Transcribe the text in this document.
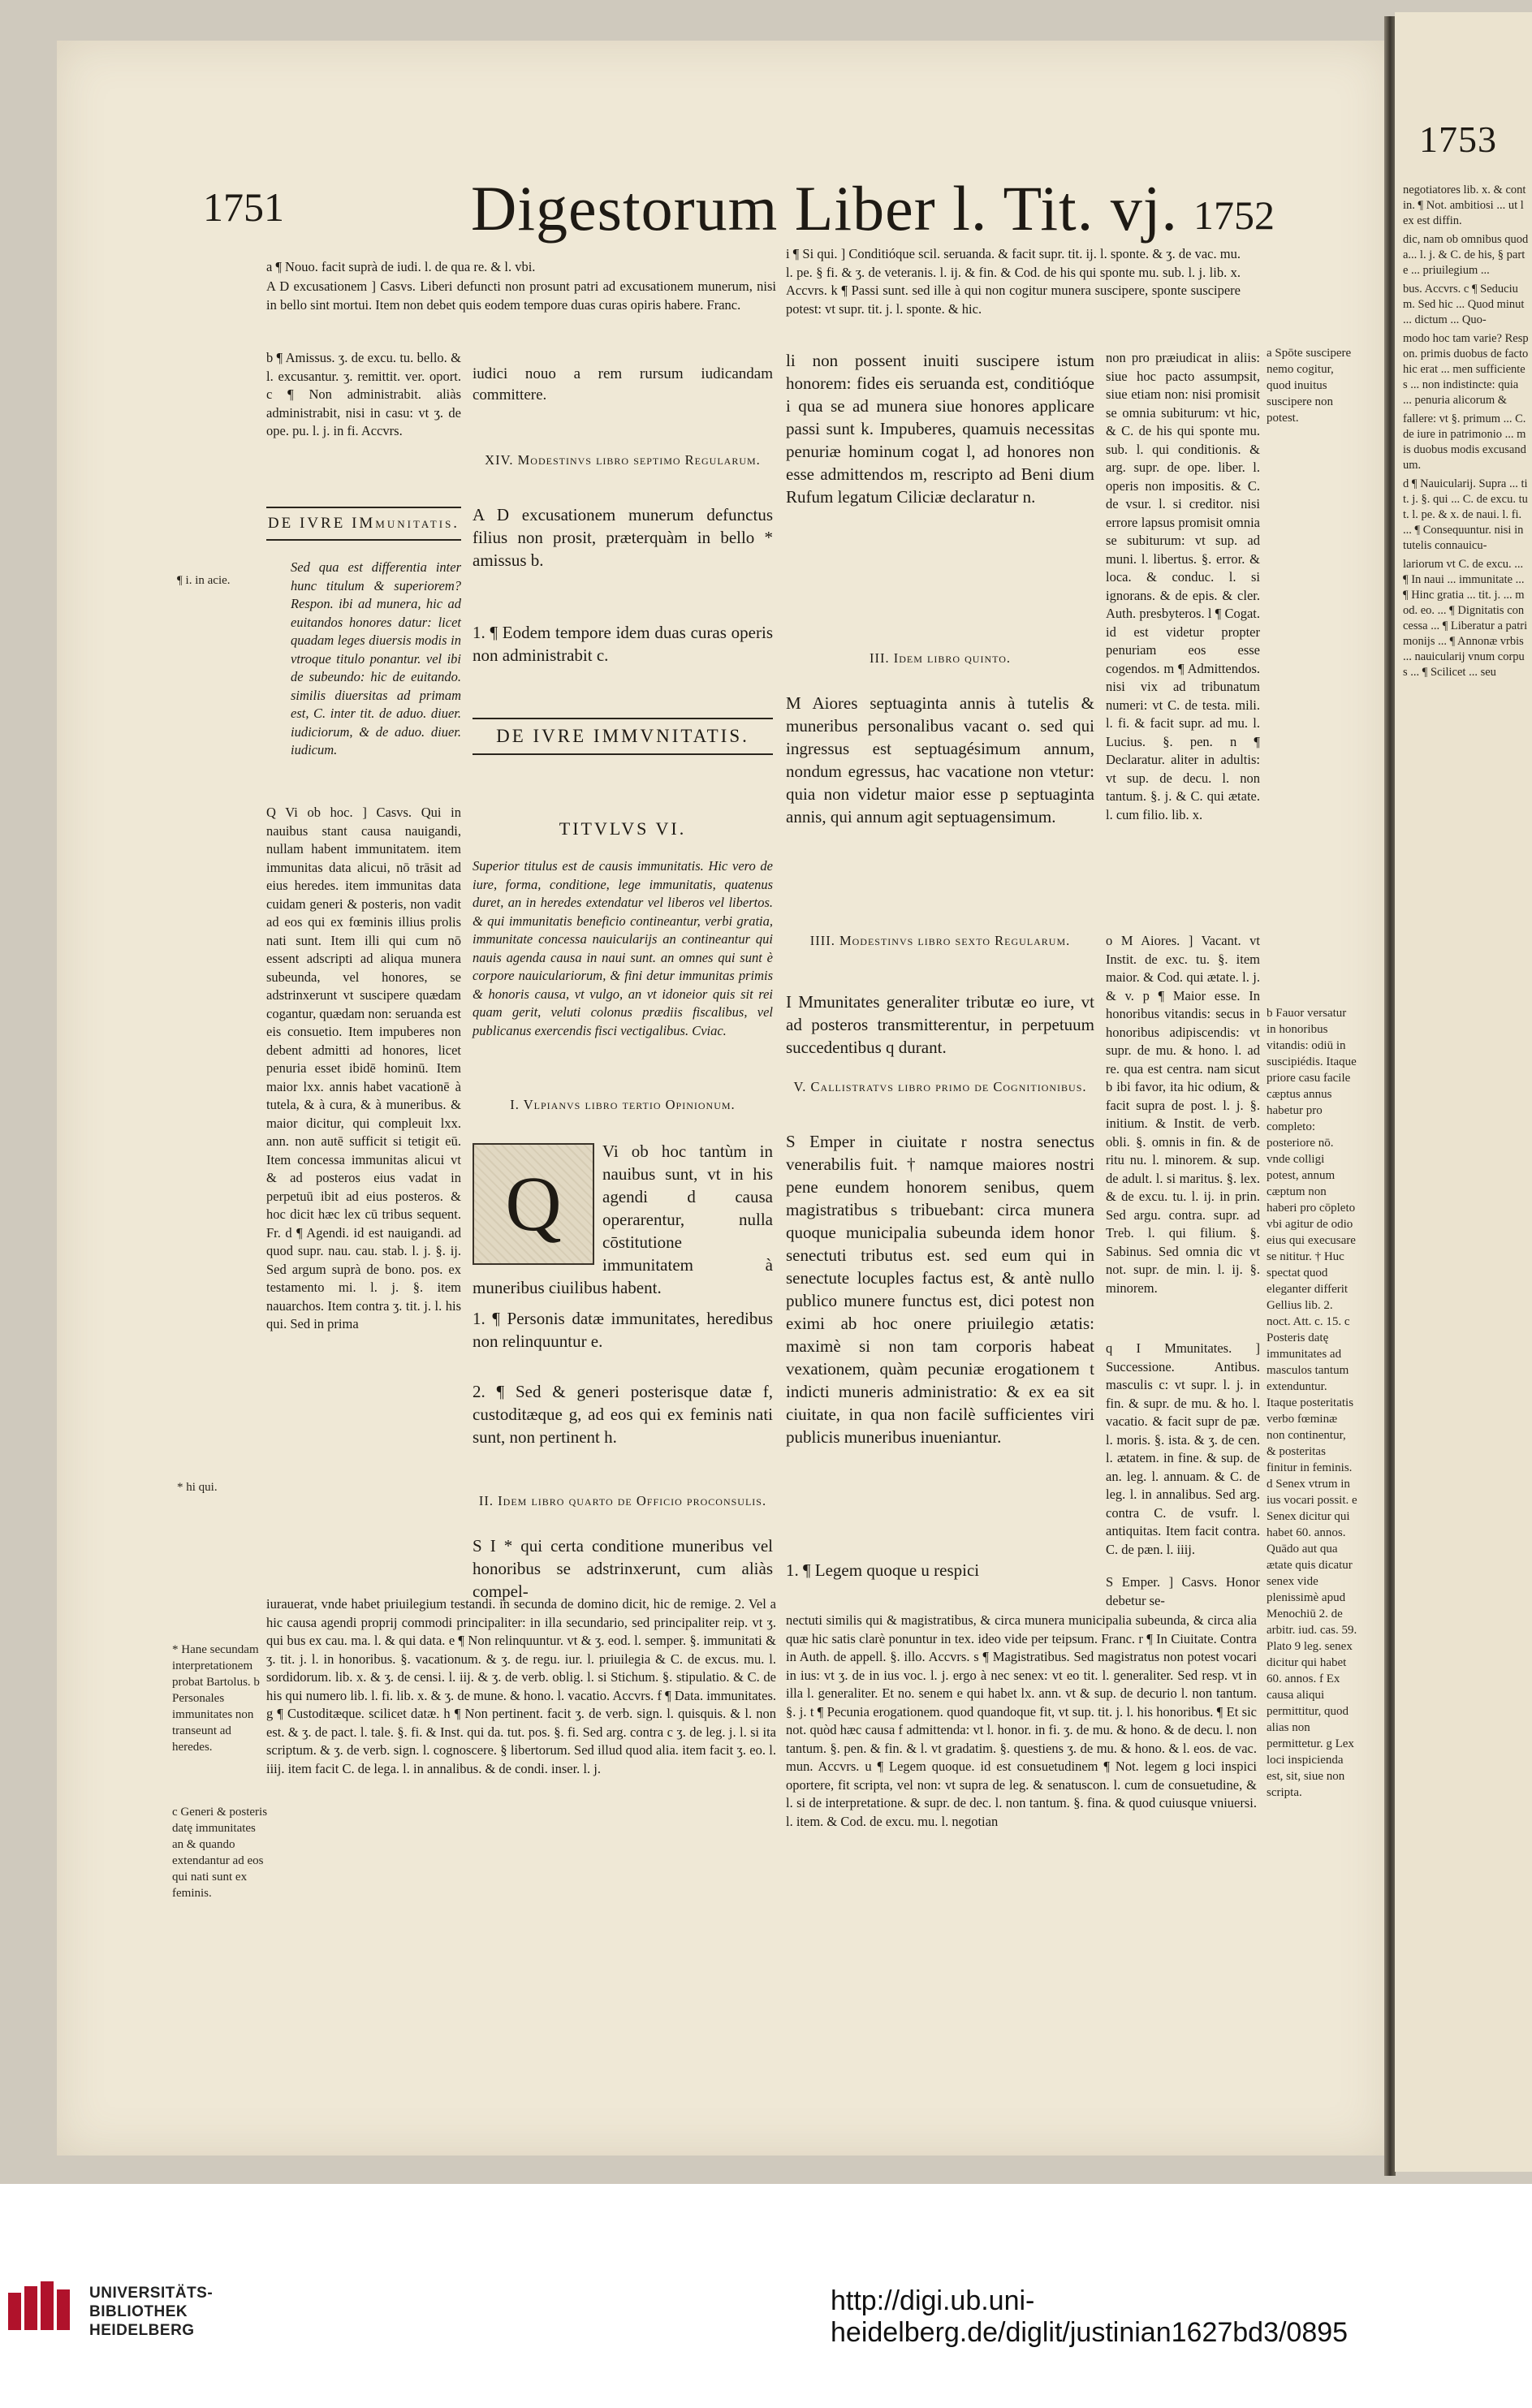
1753

negotiatores lib. x. & contin. ¶ Not. ambitiosi ... ut lex est diffin.

dic, nam ob omnibus quod a... l. j. & C. de his, § parte ... priuilegium ...

bus. Accvrs. c ¶ Seducium. Sed hic ... Quod minut ... dictum ... Quo-

modo hoc tam varie? Respon. primis duobus de facto hic erat ... men sufficientes ... non indistincte: quia ... penuria alicorum &

fallere: vt §. primum ... C. de iure in patrimonio ... mis duobus modis excusandum.

d ¶ Nauicularij. Supra ... tit. j. §. qui ... C. de excu. tut. l. pe. & x. de naui. l. fi. ... ¶ Consequuntur. nisi in tutelis connauicu-

lariorum vt C. de excu. ... ¶ In naui ... immunitate ... ¶ Hinc gratia ... tit. j. ... mod. eo. ... ¶ Dignitatis concessa ... ¶ Liberatur a patrimonijs ... ¶ Annonæ vrbis ... nauicularij vnum corpus ... ¶ Scilicet ... seu

1751	Digestorum Liber l. Tit. vj. 1752
¶ i. in acie.
* hi qui.
* Hane secundam interpretationem probat Bartolus. b Personales immunitates non transeunt ad heredes.
c Generi & posteris datę immunitates an & quando extendantur ad eos qui nati sunt ex feminis.
a ¶ Nouo. facit suprà de iudi. l. de qua re. & l. vbi.
A D excusationem ] Casvs. Liberi defuncti non prosunt patri ad excusationem munerum, nisi in bello sint mortui. Item non debet quis eodem tempore duas curas opiris habere. Franc.
b ¶ Amissus. ʒ. de excu. tu. bello. & l. excusantur. ʒ. remittit. ver. oport. c ¶ Non administrabit. aliàs administrabit, nisi in casu: vt ʒ. de ope. pu. l. j. in fi. Accvrs.
DE IVRE IMmunitatis.
Sed qua est differentia inter hunc titulum & superiorem? Respon. ibi ad munera, hic ad euitandos honores datur: licet quadam leges diuersis modis in vtroque titulo ponantur. vel ibi de subeundo: hic de euitando. similis diuersitas ad primam est, C. inter tit. de aduo. diuer. iudiciorum, & de aduo. diuer. iudicum.
Q Vi ob hoc. ] Casvs. Qui in nauibus stant causa nauigandi, nullam habent immunitatem. item immunitas data alicui, nō trāsit ad eius heredes. item immunitas data cuidam generi & posteris, non vadit ad eos qui ex fœminis illius prolis nati sunt. Item illi qui cum nō essent adscripti ad aliqua munera subeunda, vel honores, se adstrinxerunt vt suscipere quædam cogantur, quædam non: seruanda est eis consuetio. Item impuberes non debent admitti ad honores, licet penuria esset ibidē hominū. Item maior lxx. annis habet vacationē à tutela, & à cura, & à muneribus. & maior dicitur, qui compleuit lxx. ann. non autē sufficit si tetigit eū. Item concessa immunitas alicui vt & ad posteros eius vadat in perpetuū ibit ad eius posteros. & hoc dicit hæc lex cū tribus sequent. Fr. d ¶ Agendi. id est nauigandi. ad quod supr. nau. cau. stab. l. j. §. ij. Sed argum suprà de bono. pos. ex testamento mi. l. j. §. item nauarchos. Item contra ʒ. tit. j. l. his qui. Sed in prima
iudici nouo a rem rursum iudicandam committere.
XIV. Modestinvs libro septimo Regularum.
A D excusationem munerum defunctus filius non prosit, præterquàm in bello * amissus b.
1. ¶ Eodem tempore idem duas curas operis non administrabit c.
DE IVRE IMMVNITATIS.
TITVLVS VI.
Superior titulus est de causis immunitatis. Hic vero de iure, forma, conditione, lege immunitatis, quatenus duret, an in heredes extendatur vel liberos vel libertos. & qui immunitatis beneficio contineantur, verbi gratia, immunitate concessa nauicularijs an contineantur qui nauis agenda causa in naui sunt. an omnes qui sunt è corpore nauiculariorum, & fini detur immunitas primis & honoris causa, vt vulgo, an vt idoneior quis sit rei quam gerit, veluti colonus prædiis fiscalibus, vel publicanus exercendis fisci vectigalibus. Cviac.
I. Vlpianvs libro tertio Opinionum.
Q
Vi ob hoc tantùm in nauibus sunt, vt in his agendi d causa operarentur, nulla cōstitutione immunitatem à muneribus ciuilibus habent.
1. ¶ Personis datæ immunitates, heredibus non relinquuntur e.
2. ¶ Sed & generi posterisque datæ f, custoditæque g, ad eos qui ex feminis nati sunt, non pertinent h.
II. Idem libro quarto de Officio proconsulis.
S I * qui certa conditione muneribus vel honoribus se adstrinxerunt, cum aliàs compel-
i ¶ Si qui. ] Conditióque scil. seruanda. & facit supr. tit. ij. l. sponte. & ʒ. de vac. mu. l. pe. § fi. & ʒ. de veteranis. l. ij. & fin. & Cod. de his qui sponte mu. sub. l. j. lib. x. Accvrs. k ¶ Passi sunt. sed ille à qui non cogitur munera suscipere, sponte suscipere potest: vt supr. tit. j. l. sponte. & hic.
li non possent inuiti suscipere istum honorem: fides eis seruanda est, conditióque i qua se ad munera siue honores applicare passi sunt k. Impuberes, quamuis necessitas penuriæ hominum cogat l, ad honores non esse admittendos m, rescripto ad Beni dium Rufum legatum Ciliciæ declaratur n.
III. Idem libro quinto.
M Aiores septuaginta annis à tutelis & muneribus personalibus vacant o. sed qui ingressus est septuagésimum annum, nondum egressus, hac vacatione non vtetur: quia non videtur maior esse p septuaginta annis, qui annum agit septuagensimum.
IIII. Modestinvs libro sexto Regularum.
I Mmunitates generaliter tributæ eo iure, vt ad posteros transmitterentur, in perpetuum succedentibus q durant.
V. Callistratvs libro primo de Cognitionibus.
S Emper in ciuitate r nostra senectus venerabilis fuit. † namque maiores nostri pene eundem honorem senibus, quem magistratibus s tribuebant: circa munera quoque municipalia subeunda idem honor senectuti tributus est. sed eum qui in senectute locuples factus est, & antè nullo publico munere functus est, dici potest non eximi ab hoc onere priuilegio ætatis: maximè si non tam corporis habeat vexationem, quàm pecuniæ erogationem t indicti muneris administratio: & ex ea sit ciuitate, in qua non facilè sufficientes viri publicis muneribus inueniantur.
1. ¶ Legem quoque u respici
non pro præiudicat in aliis: siue hoc pacto assumpsit, siue etiam non: nisi promisit se omnia subiturum: vt hic, & C. de his qui sponte mu. sub. l. qui conditionis. & arg. supr. de ope. liber. l. operis non impositis. & C. de vsur. l. si creditor. nisi errore lapsus promisit omnia se subiturum: vt sup. ad muni. l. libertus. §. error. & loca. & conduc. l. si ignorans. & de epis. & cler. Auth. presbyteros. l ¶ Cogat. id est videtur propter penuriam eos esse cogendos. m ¶ Admittendos. nisi vix ad tribunatum numeri: vt C. de testa. mili. l. fi. & facit supr. ad mu. l. Lucius. §. pen. n ¶ Declaratur. aliter in adultis: vt sup. de decu. l. non tantum. §. j. & C. qui ætate. l. cum filio. lib. x.
o M Aiores. ] Vacant. vt Instit. de exc. tu. §. item maior. & Cod. qui ætate. l. j. & v. p ¶ Maior esse. In honoribus vitandis: secus in honoribus adipiscendis: vt supr. de mu. & hono. l. ad re. qua est centra. nam sicut b ibi favor, ita hic odium, & facit supra de post. l. j. §. initium. & Instit. de verb. obli. §. omnis in fin. & de ritu nu. l. minorem. & sup. de adult. l. si maritus. §. lex. & de excu. tu. l. ij. in prin. Sed argu. contra. supr. ad Treb. l. qui filium. §. Sabinus. Sed omnia dic vt not. supr. de min. l. ij. §. minorem.
q I Mmunitates. ] Successione. Antibus. masculis c: vt supr. l. j. in fin. & supr. de mu. & ho. l. vacatio. & facit supr de pæ. l. moris. §. ista. & ʒ. de cen. l. ætatem. in fine. & sup. de an. leg. l. annuam. & C. de leg. l. in annalibus. Sed arg. contra C. de vsufr. l. antiquitas. Item facit contra. C. de pæn. l. iiij.
S Emper. ] Casvs. Honor debetur se-
a Spōte suscipere nemo cogitur, quod inuitus suscipere non potest.
b Fauor versatur in honoribus vitandis: odiū in suscipiédis. Itaque priore casu facile cæptus annus habetur pro completo: posteriore nō. vnde colligi potest, annum cæptum non haberi pro cōpleto vbi agitur de odio eius qui execusare se nititur. † Huc spectat quod eleganter differit Gellius lib. 2. noct. Att. c. 15. c Posteris datę immunitates ad masculos tantum extenduntur. Itaque posteritatis verbo fœminæ non continentur, & posteritas finitur in feminis. d Senex vtrum in ius vocari possit. e Senex dicitur qui habet 60. annos. Quādo aut qua ætate quis dicatur senex vide plenissimè apud Menochiū 2. de arbitr. iud. cas. 59. Plato 9 leg. senex dicitur qui habet 60. annos. f Ex causa aliqui permittitur, quod alias non permittetur. g Lex loci inspicienda est, sit, siue non scripta.
iurauerat, vnde habet priuilegium testandi. in secunda de domino dicit, hic de remige. 2. Vel a hic causa agendi proprij commodi principaliter: in illa secundario, sed principaliter reip. vt ʒ. qui bus ex cau. ma. l. & qui data. e ¶ Non relinquuntur. vt & ʒ. eod. l. semper. §. immunitati & ʒ. tit. j. l. in honoribus. §. vacationum. & ʒ. de regu. iur. l. priuilegia & C. de excus. mu. l. sordidorum. lib. x. & ʒ. de censi. l. iij. & ʒ. de verb. oblig. l. si Stichum. §. stipulatio. & C. de his qui numero lib. l. fi. lib. x. & ʒ. de mune. & hono. l. vacatio. Accvrs. f ¶ Data. immunitates. g ¶ Custoditæque. scilicet datæ. h ¶ Non pertinent. facit ʒ. de verb. sign. l. quisquis. & l. non est. & ʒ. de pact. l. tale. §. fi. & Inst. qui da. tut. pos. §. fi. Sed arg. contra c ʒ. de leg. j. l. si ita scriptum. & ʒ. de verb. sign. l. cognoscere. § libertorum. Sed illud quod alia. item facit ʒ. eo. l. iiij. item facit C. de lega. l. in annalibus. & de condi. inser. l. j.
nectuti similis qui & magistratibus, & circa munera municipalia subeunda, & circa alia quæ hic satis clarè ponuntur in tex. ideo vide per teipsum. Franc. r ¶ In Ciuitate. Contra in Auth. de appell. §. illo. Accvrs. s ¶ Magistratibus. Sed magistratus non potest vocari in ius: vt ʒ. de in ius voc. l. j. ergo à nec senex: vt eo tit. l. generaliter. Sed resp. vt in illa l. generaliter. Et no. senem e qui habet lx. ann. vt & sup. de decurio l. non tantum. §. j. t ¶ Pecunia erogationem. quod quandoque fit, vt sup. tit. j. l. his honoribus. ¶ Et sic not. quòd hæc causa f admittenda: vt l. honor. in fi. ʒ. de mu. & hono. & de decu. l. non tantum. §. pen. & fin. & l. vt gradatim. §. questiens ʒ. de mu. & hono. & l. eos. de vac. mun. Accvrs. u ¶ Legem quoque. id est consuetudinem ¶ Not. legem g loci inspici oportere, fit scripta, vel non: vt supra de leg. & senatuscon. l. cum de consuetudine, & l. si de interpretatione. & supr. de dec. l. non tantum. §. fina. & quod cuiusque vniuersi. l. item. & Cod. de excu. mu. l. negotian
UNIVERSITÄTS-
BIBLIOTHEK
HEIDELBERG
http://digi.ub.uni-heidelberg.de/diglit/justinian1627bd3/0895
